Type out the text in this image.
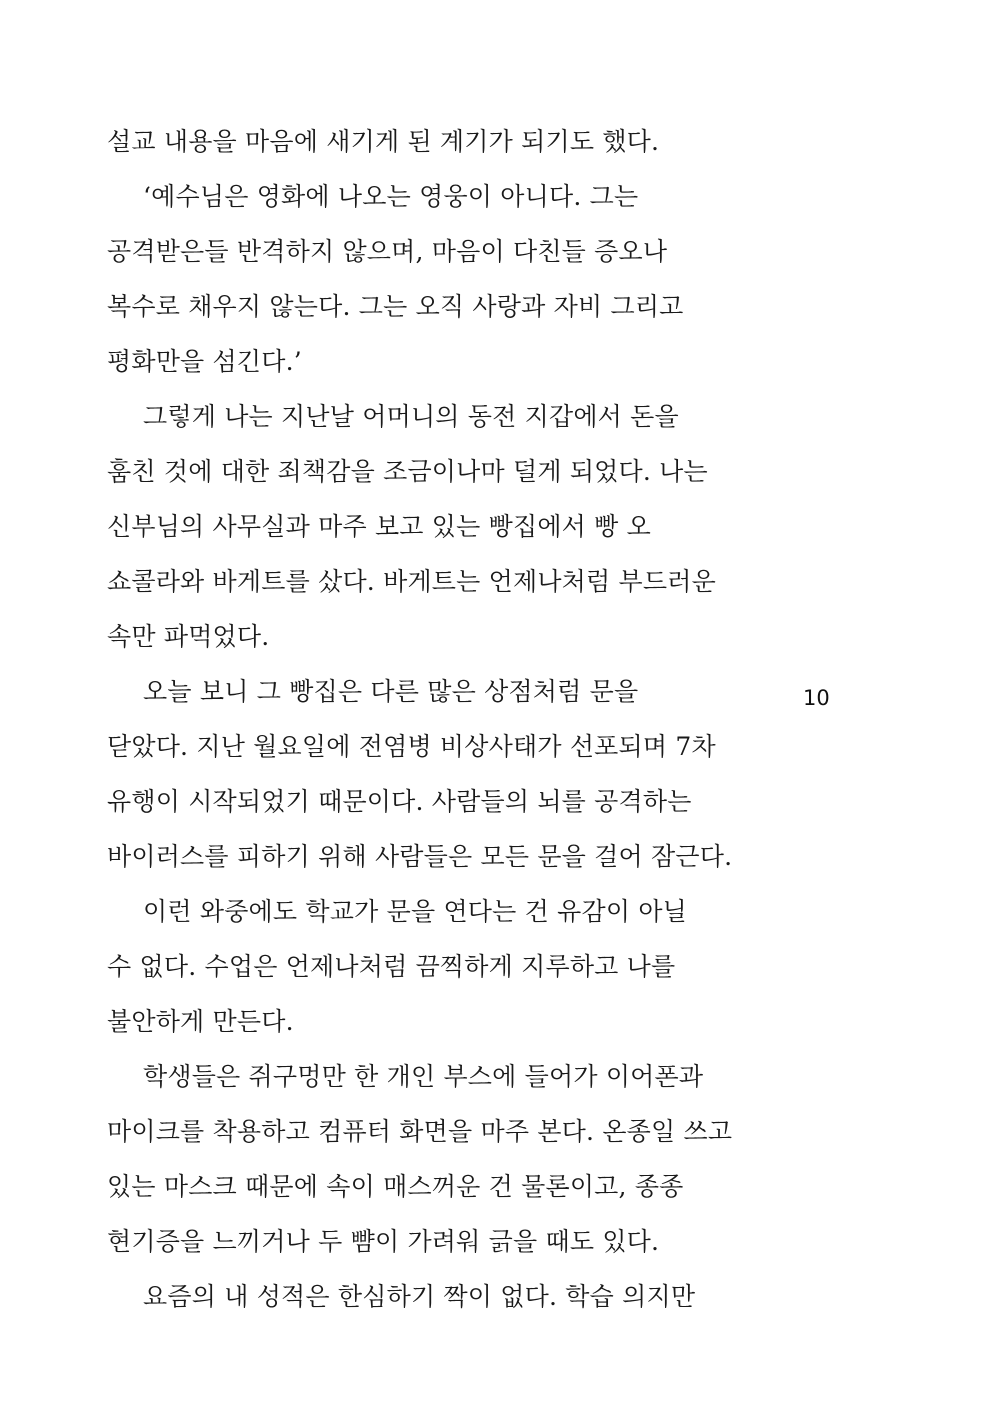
설교 내용을 마음에 새기게 된 계기가 되기도 했다.
‘예수님은 영화에 나오는 영웅이 아니다. 그는
공격받은들 반격하지 않으며, 마음이 다친들 증오나
복수로 채우지 않는다. 그는 오직 사랑과 자비 그리고
평화만을 섬긴다.’
그렇게 나는 지난날 어머니의 동전 지갑에서 돈을
훔친 것에 대한 죄책감을 조금이나마 덜게 되었다. 나는
신부님의 사무실과 마주 보고 있는 빵집에서 빵 오
쇼콜라와 바게트를 샀다. 바게트는 언제나처럼 부드러운
속만 파먹었다.
오늘 보니 그 빵집은 다른 많은 상점처럼 문을
닫았다. 지난 월요일에 전염병 비상사태가 선포되며 7차
유행이 시작되었기 때문이다. 사람들의 뇌를 공격하는
바이러스를 피하기 위해 사람들은 모든 문을 걸어 잠근다.
이런 와중에도 학교가 문을 연다는 건 유감이 아닐
수 없다. 수업은 언제나처럼 끔찍하게 지루하고 나를
불안하게 만든다.
학생들은 쥐구멍만 한 개인 부스에 들어가 이어폰과
마이크를 착용하고 컴퓨터 화면을 마주 본다. 온종일 쓰고
있는 마스크 때문에 속이 매스꺼운 건 물론이고, 종종
현기증을 느끼거나 두 뺨이 가려워 긁을 때도 있다.
요즘의 내 성적은 한심하기 짝이 없다. 학습 의지만
10
